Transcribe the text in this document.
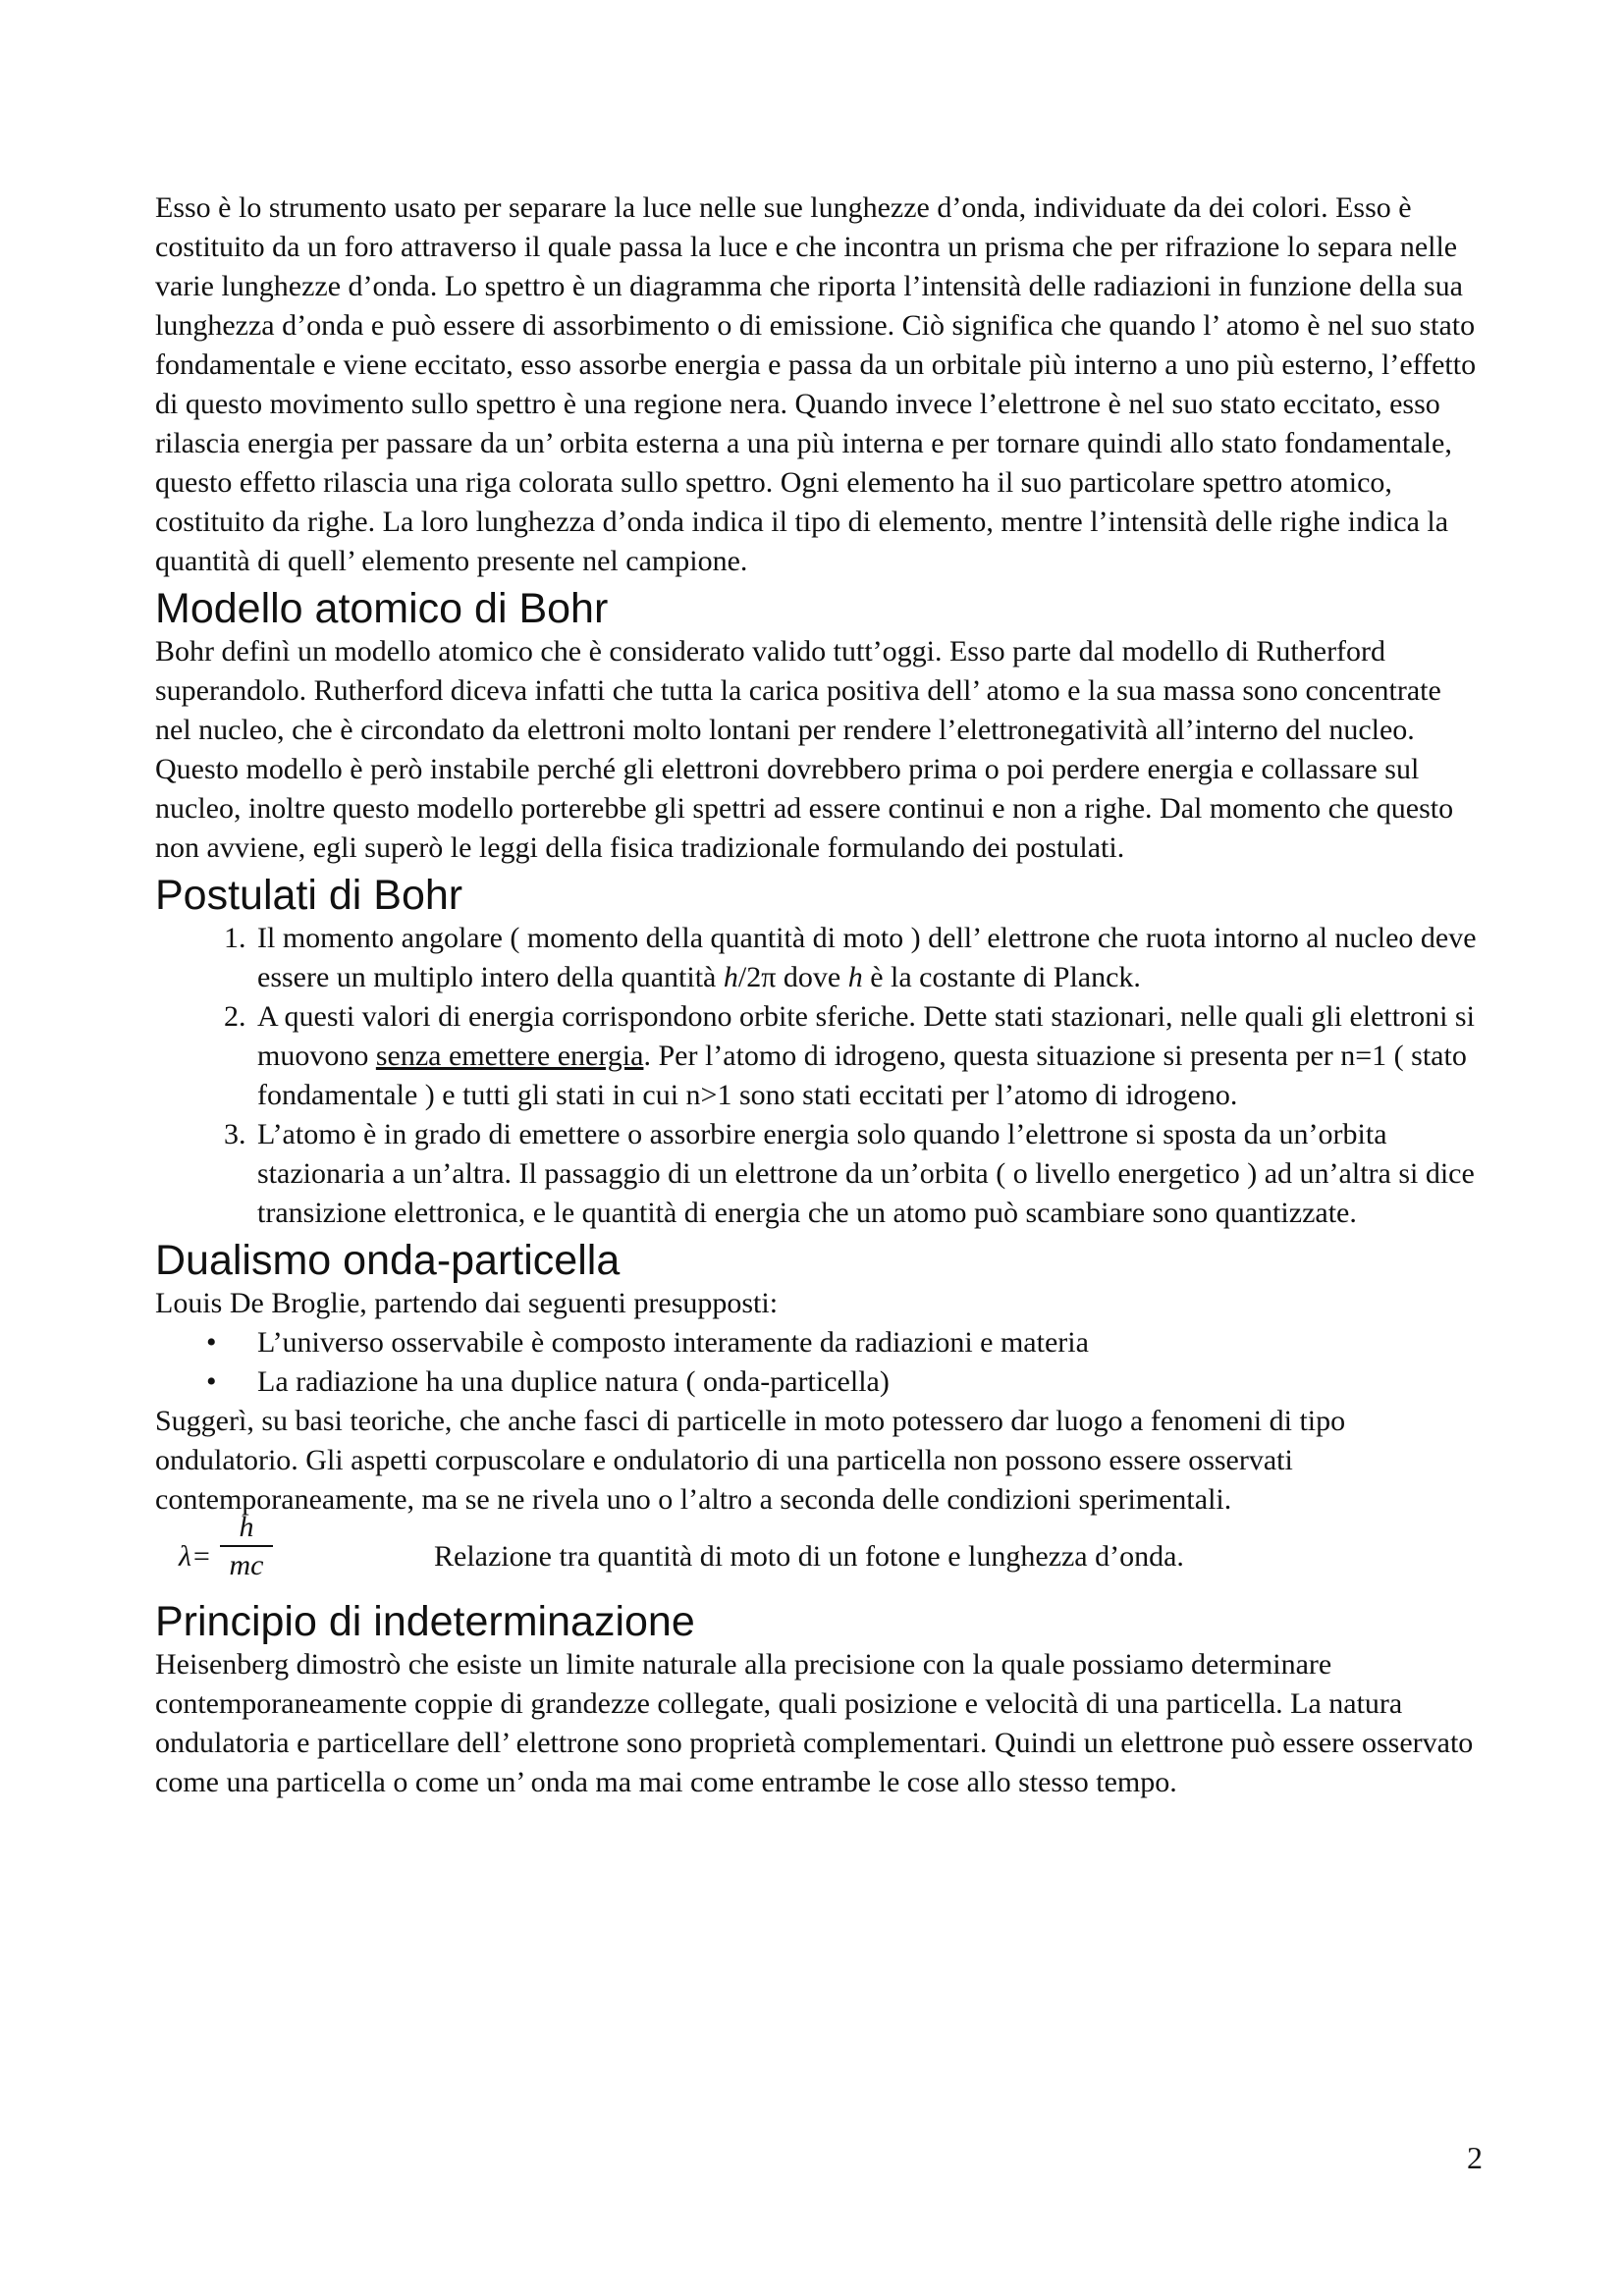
Esso è lo strumento usato per separare la luce nelle sue lunghezze d’onda, individuate da dei colori. Esso è costituito da un foro attraverso il quale passa la luce e che incontra un prisma che per rifrazione lo separa nelle varie lunghezze d’onda. Lo spettro è un diagramma che riporta l’intensità delle radiazioni in funzione della sua lunghezza d’onda e può essere di assorbimento o di emissione. Ciò significa che quando l’ atomo è nel suo stato fondamentale e viene eccitato, esso assorbe energia e passa da un orbitale più interno a uno più esterno, l’effetto di questo movimento sullo spettro è una regione nera. Quando invece l’elettrone è nel suo stato eccitato, esso rilascia energia per passare da un’ orbita esterna a una più interna e per tornare quindi allo stato fondamentale, questo effetto rilascia una riga colorata sullo spettro. Ogni elemento ha il suo particolare spettro atomico, costituito da righe. La loro lunghezza d’onda indica il tipo di elemento, mentre l’intensità delle righe indica la quantità di quell’ elemento presente nel campione.

Modello atomico di Bohr

Bohr definì un modello atomico che è considerato valido tutt’oggi. Esso parte dal modello di Rutherford superandolo. Rutherford diceva infatti che tutta la carica positiva dell’ atomo e la sua massa sono concentrate nel nucleo, che è circondato da elettroni molto lontani per rendere l’elettronegatività all’interno del nucleo. Questo modello è però instabile perché gli elettroni dovrebbero prima o poi perdere energia e collassare sul nucleo, inoltre questo modello porterebbe gli spettri ad essere continui e non a righe. Dal momento che questo non avviene, egli superò le leggi della fisica tradizionale formulando dei postulati.

Postulati di Bohr
1. Il momento angolare ( momento della quantità di moto ) dell’ elettrone che ruota intorno al nucleo deve essere un multiplo intero della quantità h/2π dove h è la costante di Planck.
2. A questi valori di energia corrispondono orbite sferiche. Dette stati stazionari, nelle quali gli elettroni si muovono senza emettere energia. Per l’atomo di idrogeno, questa situazione si presenta per n=1 ( stato fondamentale ) e tutti gli stati in cui n>1 sono stati eccitati per l’atomo di idrogeno.
3. L’atomo è in grado di emettere o assorbire energia solo quando l’elettrone si sposta da un’orbita stazionaria a un’altra. Il passaggio di un elettrone da un’orbita ( o livello energetico ) ad un’altra si dice transizione elettronica, e le quantità di energia che un atomo può scambiare sono quantizzate.
Dualismo onda-particella

Louis De Broglie, partendo dai seguenti presupposti:

• L’universo osservabile è composto interamente da radiazioni e materia
• La radiazione ha una duplice natura ( onda-particella)

Suggerì, su basi teoriche, che anche fasci di particelle in moto potessero dar luogo a fenomeni di tipo ondulatorio. Gli aspetti corpuscolare e ondulatorio di una particella non possono essere osservati contemporaneamente, ma se ne rivela uno o l’altro a seconda delle condizioni sperimentali.

λ=
h
mc	Relazione tra quantità di moto di un fotone e lunghezza d’onda.
Principio di indeterminazione

Heisenberg dimostrò che esiste un limite naturale alla precisione con la quale possiamo determinare contemporaneamente coppie di grandezze collegate, quali posizione e velocità di una particella. La natura ondulatoria e particellare dell’ elettrone sono proprietà complementari. Quindi un elettrone può essere osservato come una particella o come un’ onda ma mai come entrambe le cose allo stesso tempo.

2
